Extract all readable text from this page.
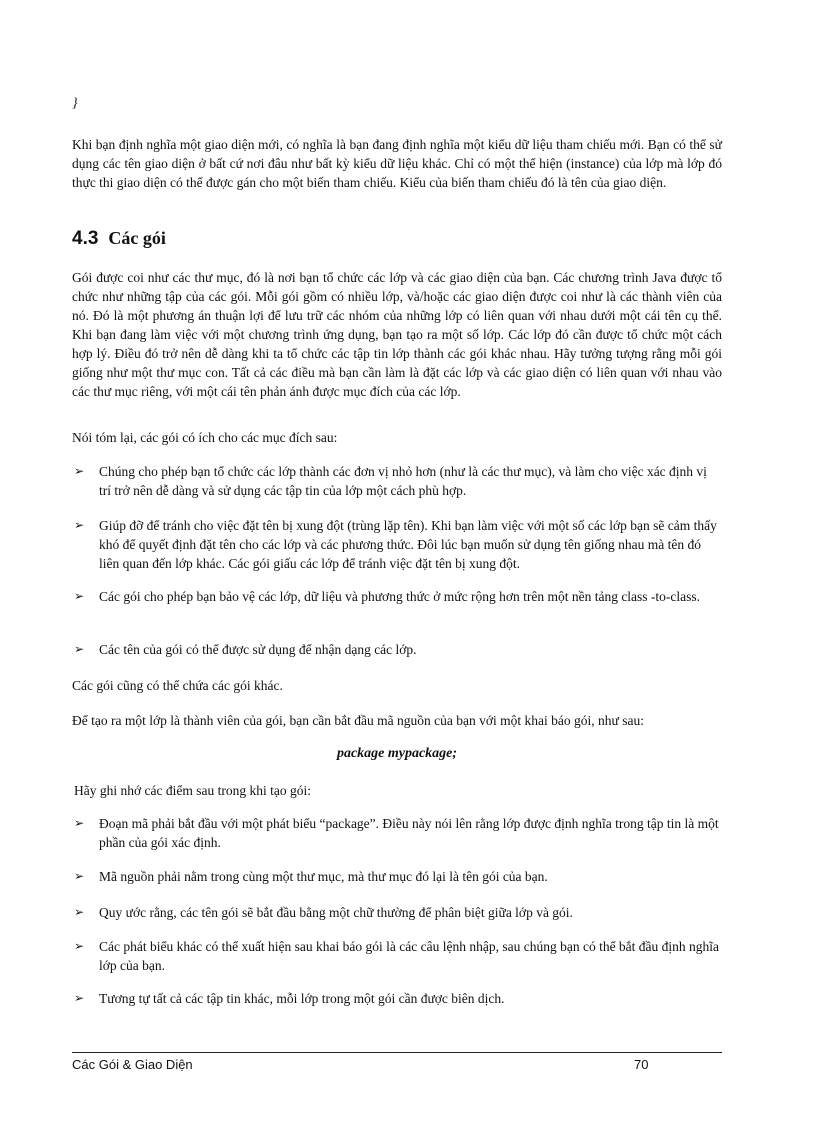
}

Khi bạn định nghĩa một giao diện mới, có nghĩa là bạn đang định nghĩa một kiểu dữ liệu tham chiếu mới. Bạn có thể sử dụng các tên giao diện ở bất cứ nơi đâu như bất kỳ kiểu dữ liệu khác. Chỉ có một thể hiện (instance) của lớp mà lớp đó thực thi giao diện có thể được gán cho một biến tham chiếu. Kiểu của biến tham chiếu đó là tên của giao diện.

4.3 Các gói

Gói được coi như các thư mục, đó là nơi bạn tổ chức các lớp và các giao diện của bạn. Các chương trình Java được tổ chức như những tập của các gói. Mỗi gói gồm có nhiều lớp, và/hoặc các giao diện được coi như là các thành viên của nó. Đó là một phương án thuận lợi để lưu trữ các nhóm của những lớp có liên quan với nhau dưới một cái tên cụ thể. Khi bạn đang làm việc với một chương trình ứng dụng, bạn tạo ra một số lớp. Các lớp đó cần được tổ chức một cách hợp lý. Điều đó trở nên dễ dàng khi ta tổ chức các tập tin lớp thành các gói khác nhau. Hãy tưởng tượng rằng mỗi gói giống như một thư mục con. Tất cả các điều mà bạn cần làm là đặt các lớp và các giao diện có liên quan với nhau vào các thư mục riêng, với một cái tên phản ánh được mục đích của các lớp.

Nói tóm lại, các gói có ích cho các mục đích sau:

➢	Chúng cho phép bạn tổ chức các lớp thành các đơn vị nhỏ hơn (như là các thư mục), và làm cho việc xác định vị trí trở nên dễ dàng và sử dụng các tập tin của lớp một cách phù hợp.
➢	Giúp đỡ để tránh cho việc đặt tên bị xung đột (trùng lặp tên). Khi bạn làm việc với một số các lớp bạn sẽ cảm thấy khó để quyết định đặt tên cho các lớp và các phương thức. Đôi lúc bạn muốn sử dụng tên giống nhau mà tên đó liên quan đến lớp khác. Các gói giấu các lớp để tránh việc đặt tên bị xung đột.
➢	Các gói cho phép bạn bảo vệ các lớp, dữ liệu và phương thức ở mức rộng hơn trên một nền tảng class -to-class.
➢	Các tên của gói có thể được sử dụng để nhận dạng các lớp.

Các gói cũng có thể chứa các gói khác.

Để tạo ra một lớp là thành viên của gói, bạn cần bắt đầu mã nguồn của bạn với một khai báo gói, như sau:

package mypackage;

Hãy ghi nhớ các điểm sau trong khi tạo gói:

➢	Đoạn mã phải bắt đầu với một phát biểu “package”. Điều này nói lên rằng lớp được định nghĩa trong tập tin là một phần của gói xác định.
➢	Mã nguồn phải nằm trong cùng một thư mục, mà thư mục đó lại là tên gói của bạn.
➢	Quy ước rằng, các tên gói sẽ bắt đầu bằng một chữ thường để phân biệt giữa lớp và gói.
➢	Các phát biểu khác có thể xuất hiện sau khai báo gói là các câu lệnh nhập, sau chúng bạn có thể bắt đầu định nghĩa lớp của bạn.
➢	Tương tự tất cả các tập tin khác, mỗi lớp trong một gói cần được biên dịch.
Các Gói & Giao Diện	70
